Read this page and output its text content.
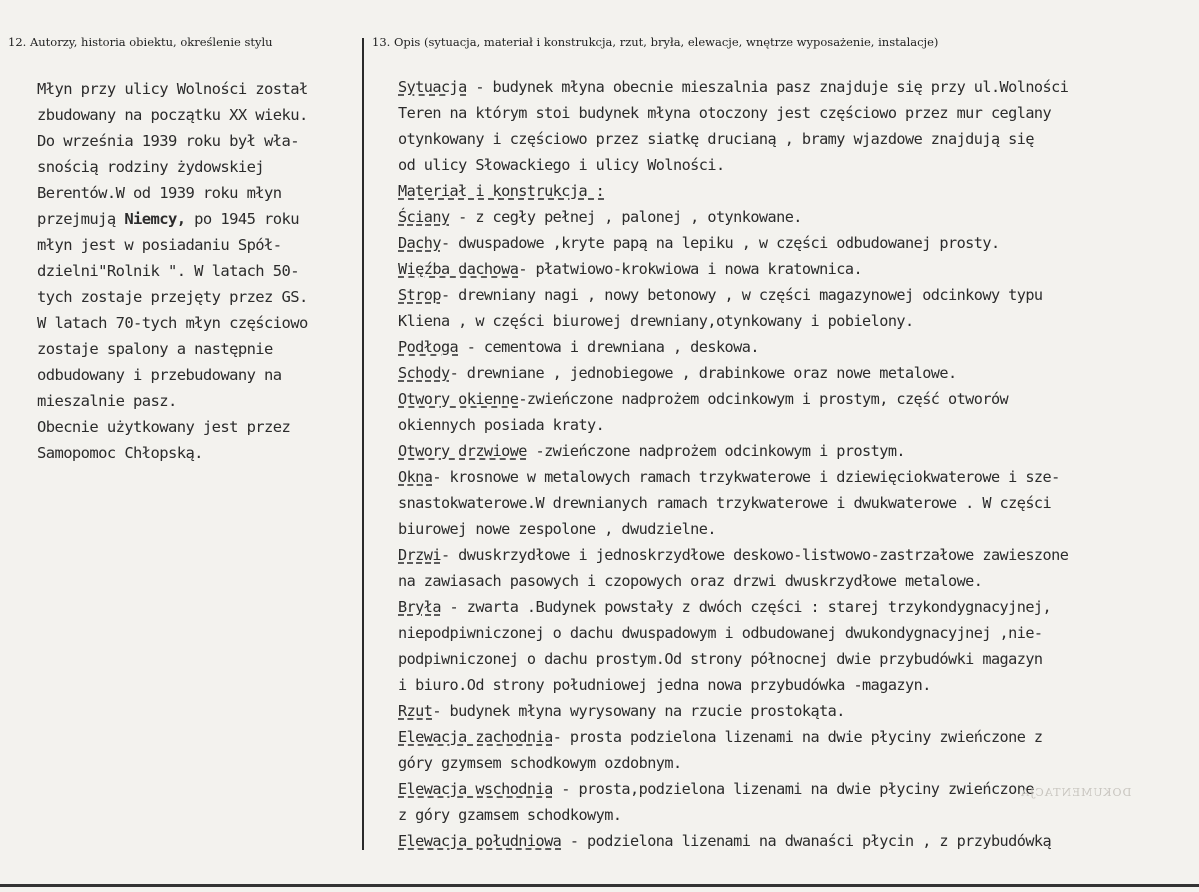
12. Autorzy, historia obiektu, określenie stylu	13. Opis (sytuacja, materiał i konstrukcja, rzut, bryła, elewacje, wnętrze wyposażenie, instalacje)
Młyn przy ulicy Wolności został
zbudowany na początku XX wieku.
Do września 1939 roku był wła-
snością rodziny żydowskiej
Berentów.W od 1939 roku młyn
przejmują Niemcy, po 1945 roku
młyn jest w posiadaniu Spół-
dzielni"Rolnik ". W latach 50-
tych zostaje przejęty przez GS.
W latach 70-tych młyn częściowo
zostaje spalony a następnie
odbudowany i przebudowany na
mieszalnie pasz.
Obecnie użytkowany jest przez
Samopomoc Chłopską.
Sytuacja - budynek młyna obecnie mieszalnia pasz znajduje się przy ul.Wolności
Teren na którym stoi budynek młyna otoczony jest częściowo przez mur ceglany
otynkowany i częściowo przez siatkę drucianą , bramy wjazdowe znajdują się
od ulicy Słowackiego i ulicy Wolności.
Materiał i konstrukcja :
Ściany - z cegły pełnej , palonej , otynkowane.
Dachy- dwuspadowe ,kryte papą na lepiku , w części odbudowanej prosty.
Więźba dachowa- płatwiowo-krokwiowa i nowa kratownica.
Strop- drewniany nagi , nowy betonowy , w części magazynowej odcinkowy typu
Kliena , w części biurowej drewniany,otynkowany i pobielony.
Podłoga - cementowa i drewniana , deskowa.
Schody- drewniane , jednobiegowe , drabinkowe oraz nowe metalowe.
Otwory okienne-zwieńczone nadprożem odcinkowym i prostym, część otworów
okiennych posiada kraty.
Otwory drzwiowe -zwieńczone nadprożem odcinkowym i prostym.
Okna- krosnowe w metalowych ramach trzykwaterowe i dziewięciokwaterowe i sze-
snastokwaterowe.W drewnianych ramach trzykwaterowe i dwukwaterowe . W części
biurowej nowe zespolone , dwudzielne.
Drzwi- dwuskrzydłowe i jednoskrzydłowe deskowo-listwowo-zastrzałowe zawieszone
na zawiasach pasowych i czopowych oraz drzwi dwuskrzydłowe metalowe.
Bryła - zwarta .Budynek powstały z dwóch części : starej trzykondygnacyjnej,
niepodpiwniczonej o dachu dwuspadowym i odbudowanej dwukondygnacyjnej ,nie-
podpiwniczonej o dachu prostym.Od strony północnej dwie przybudówki magazyn
i biuro.Od strony południowej jedna nowa przybudówka -magazyn.
Rzut- budynek młyna wyrysowany na rzucie prostokąta.
Elewacja zachodnia- prosta podzielona lizenami na dwie płyciny zwieńczone z
góry gzymsem schodkowym ozdobnym.
Elewacja wschodnia - prosta,podzielona lizenami na dwie płyciny zwieńczone
z góry gzamsem schodkowym.
Elewacja południowa - podzielona lizenami na dwanaści płycin , z przybudówką
DOKUMENTACJA
